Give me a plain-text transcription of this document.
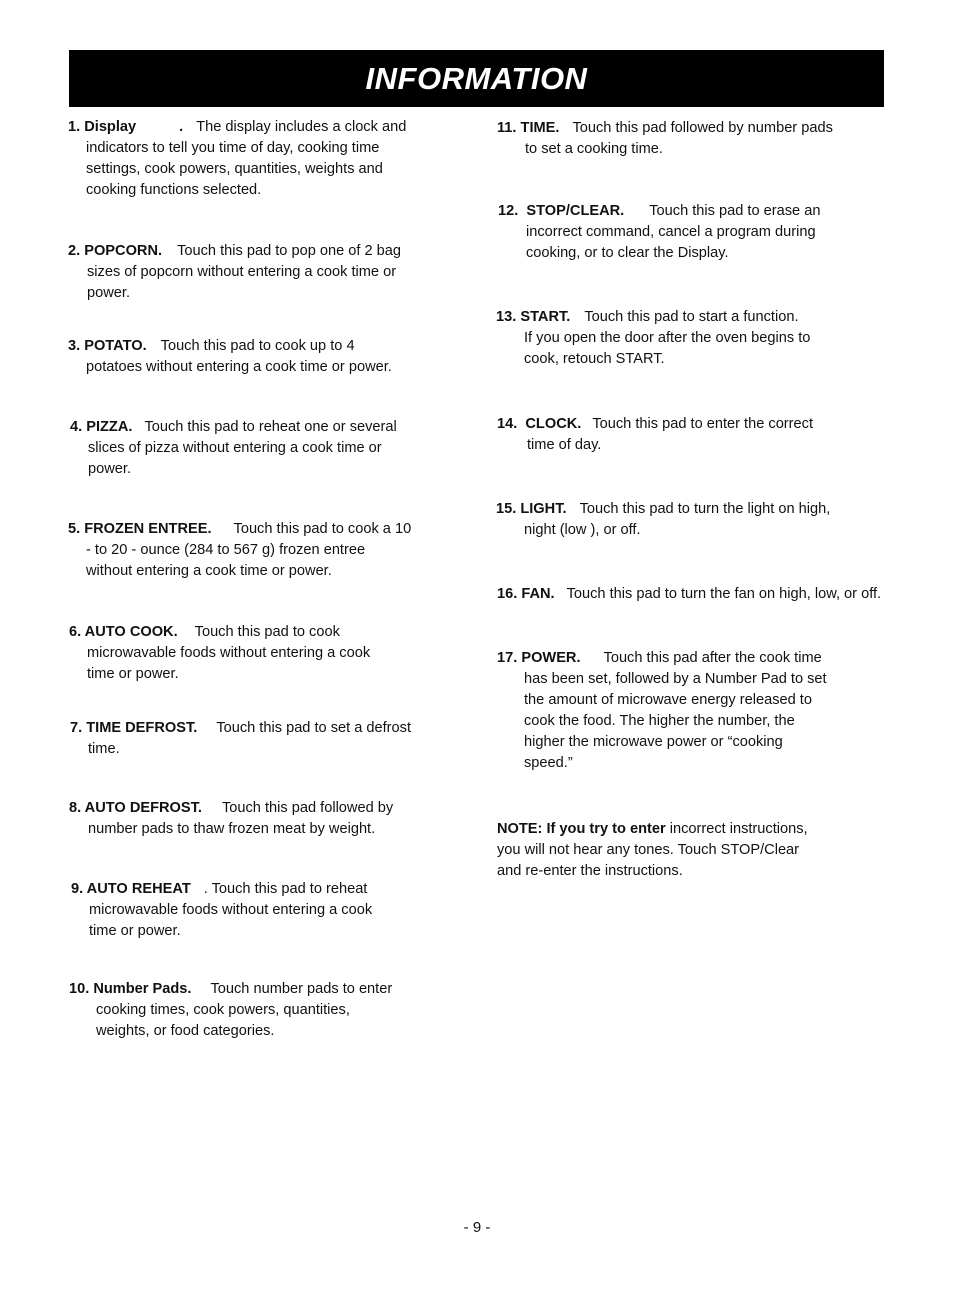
INFORMATION
1. Display	. The display includes a clock and
indicators to tell you time of day, cooking time
settings, cook powers, quantities, weights and
cooking functions selected.
2. POPCORN. Touch this pad to pop one of 2 bag
sizes of popcorn without entering a cook time or
power.
3. POTATO. Touch this pad to cook up to 4
potatoes without entering a cook time or power.
4. PIZZA. Touch this pad to reheat one or several
slices of pizza without entering a cook time or
power.
5. FROZEN ENTREE. Touch this pad to cook a 10
- to 20 - ounce (284 to 567 g) frozen entree
without entering a cook time or power.
6. AUTO COOK. Touch this pad to cook
microwavable foods without entering a cook
time or power.
7. TIME DEFROST. Touch this pad to set a defrost
time.
8. AUTO DEFROST. Touch this pad followed by
number pads to thaw frozen meat by weight.
9. AUTO REHEAT . Touch this pad to reheat
microwavable foods without entering a cook
time or power.
10. Number Pads. Touch number pads to enter
cooking times, cook powers, quantities,
weights, or food categories.
11. TIME. Touch this pad followed by number pads
to set a cooking time.
12.  STOP/CLEAR. Touch this pad to erase an
incorrect command, cancel a program during
cooking, or to clear the Display.
13. START. Touch this pad to start a function.
If you open the door after the oven begins to
cook, retouch START.
14.  CLOCK. Touch this pad to enter the correct
time of day.
15. LIGHT. Touch this pad to turn the light on high,
night (low ), or off.
16. FAN. Touch this pad to turn the fan on high, low, or off.
17. POWER. Touch this pad after the cook time
has been set, followed by a Number Pad to set
the amount of microwave energy released to
cook the food. The higher the number, the
higher the microwave power or “cooking
speed.”
NOTE: If you try to enter incorrect instructions,
you will not hear any tones. Touch STOP/Clear
and re-enter the instructions.
- 9 -
